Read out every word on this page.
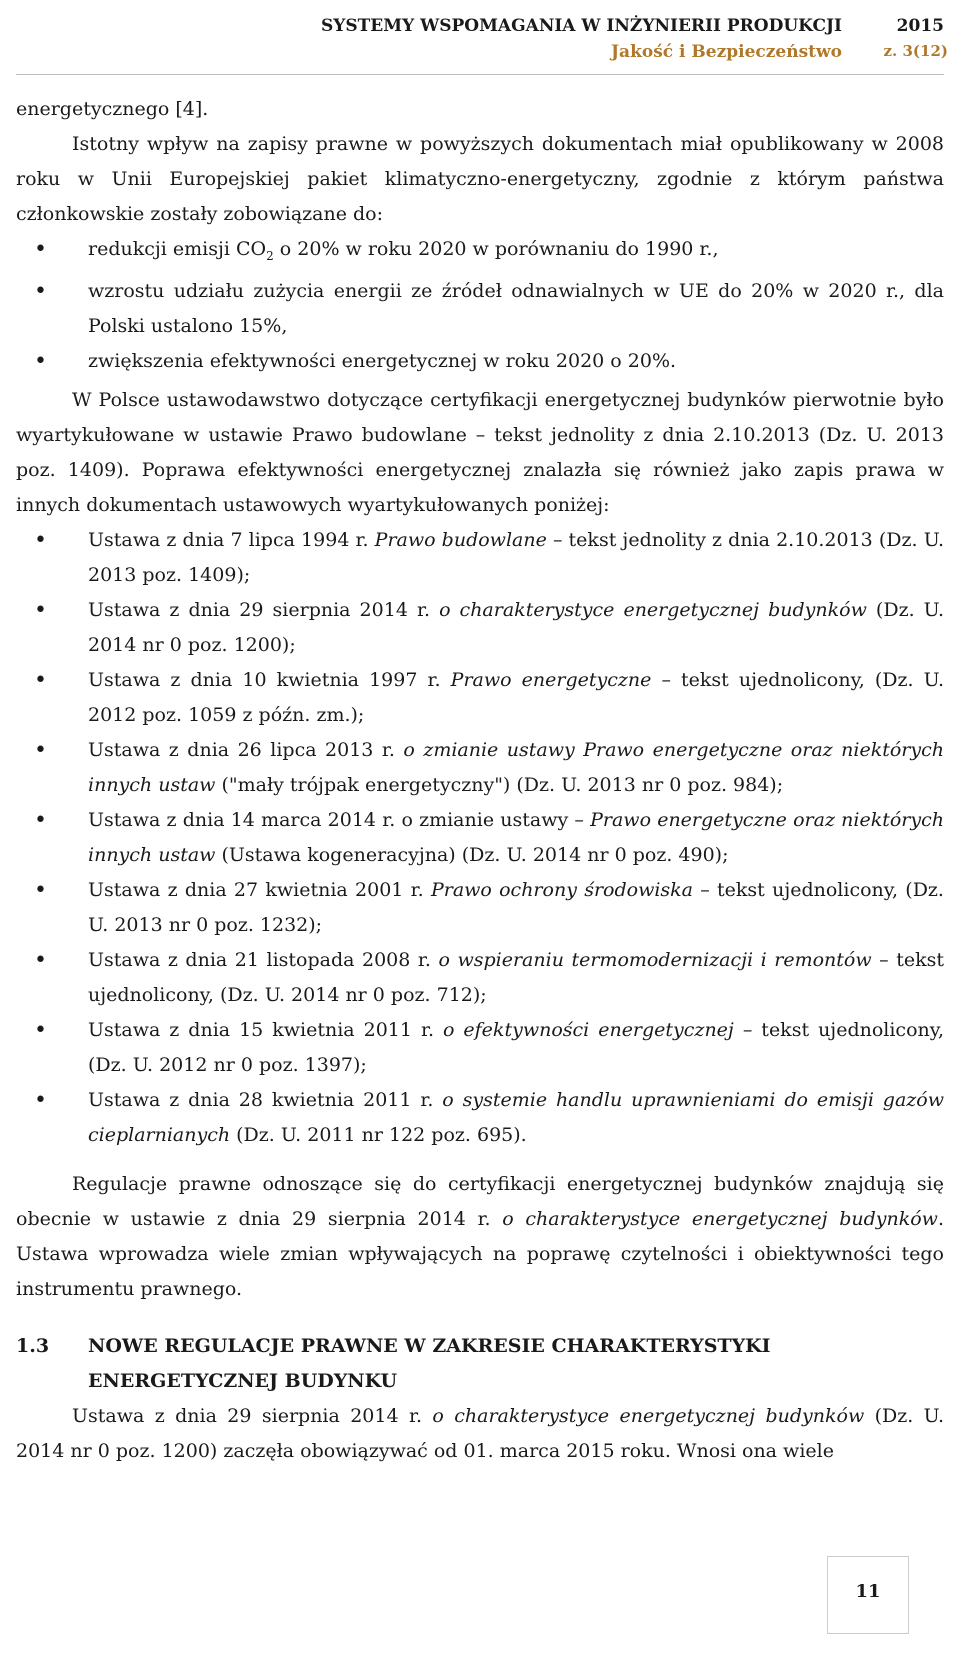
SYSTEMY WSPOMAGANIA W INŻYNIERII PRODUKCJI
Jakość i Bezpieczeństwo
2015
z. 3(12)

energetycznego [4].

Istotny wpływ na zapisy prawne w powyższych dokumentach miał opublikowany w 2008 roku w Unii Europejskiej pakiet klimatyczno-energetyczny, zgodnie z którym państwa członkowskie zostały zobowiązane do:

• redukcji emisji $CO_2$ o 20% w roku 2020 w porównaniu do 1990 r.,
• wzrostu udziału zużycia energii ze źródeł odnawialnych w UE do 20% w 2020 r., dla Polski ustalono 15%,
• zwiększenia efektywności energetycznej w roku 2020 o 20%.

W Polsce ustawodawstwo dotyczące certyfikacji energetycznej budynków pierwotnie było wyartykułowane w ustawie Prawo budowlane – tekst jednolity z dnia 2.10.2013 (Dz. U. 2013 poz. 1409). Poprawa efektywności energetycznej znalazła się również jako zapis prawa w innych dokumentach ustawowych wyartykułowanych poniżej:

• Ustawa z dnia 7 lipca 1994 r. Prawo budowlane – tekst jednolity z dnia 2.10.2013 (Dz. U. 2013 poz. 1409);
• Ustawa z dnia 29 sierpnia 2014 r. o charakterystyce energetycznej budynków (Dz. U. 2014 nr 0 poz. 1200);
• Ustawa z dnia 10 kwietnia 1997 r. Prawo energetyczne – tekst ujednolicony, (Dz. U. 2012 poz. 1059 z późn. zm.);
• Ustawa z dnia 26 lipca 2013 r. o zmianie ustawy Prawo energetyczne oraz niektórych innych ustaw ("mały trójpak energetyczny") (Dz. U. 2013 nr 0 poz. 984);
• Ustawa z dnia 14 marca 2014 r. o zmianie ustawy – Prawo energetyczne oraz niektórych innych ustaw (Ustawa kogeneracyjna) (Dz. U. 2014 nr 0 poz. 490);
• Ustawa z dnia 27 kwietnia 2001 r. Prawo ochrony środowiska – tekst ujednolicony, (Dz. U. 2013 nr 0 poz. 1232);
• Ustawa z dnia 21 listopada 2008 r. o wspieraniu termomodernizacji i remontów – tekst ujednolicony, (Dz. U. 2014 nr 0 poz. 712);
• Ustawa z dnia 15 kwietnia 2011 r. o efektywności energetycznej – tekst ujednolicony, (Dz. U. 2012 nr 0 poz. 1397);
• Ustawa z dnia 28 kwietnia 2011 r. o systemie handlu uprawnieniami do emisji gazów cieplarnianych (Dz. U. 2011 nr 122 poz. 695).

Regulacje prawne odnoszące się do certyfikacji energetycznej budynków znajdują się obecnie w ustawie z dnia 29 sierpnia 2014 r. o charakterystyce energetycznej budynków. Ustawa wprowadza wiele zmian wpływających na poprawę czytelności i obiektywności tego instrumentu prawnego.

1.3 NOWE REGULACJE PRAWNE W ZAKRESIE CHARAKTERYSTYKI ENERGETYCZNEJ BUDYNKU

Ustawa z dnia 29 sierpnia 2014 r. o charakterystyce energetycznej budynków (Dz. U. 2014 nr 0 poz. 1200) zaczęła obowiązywać od 01. marca 2015 roku. Wnosi ona wiele

11
